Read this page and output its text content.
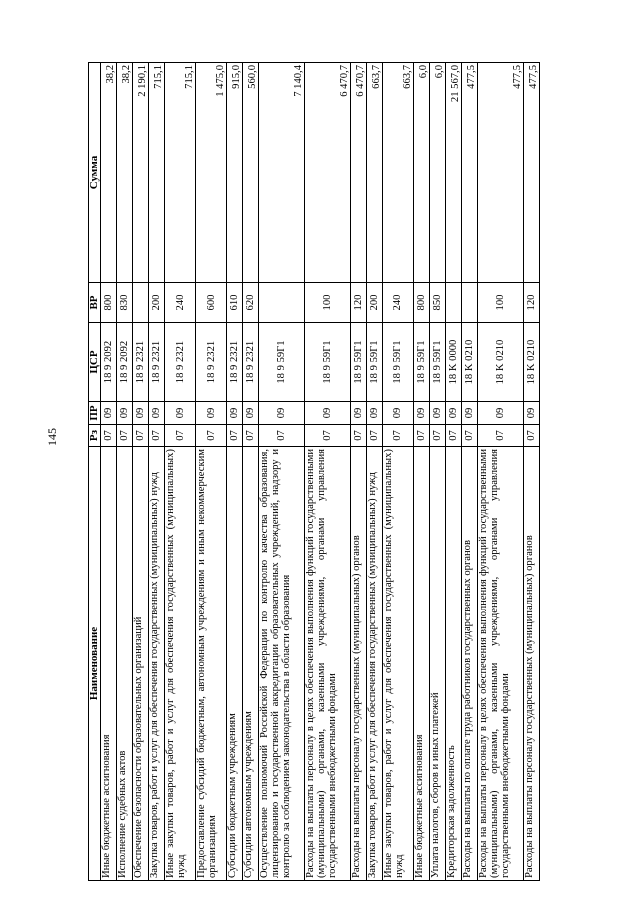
145
Наименование	Рз	ПР	ЦСР	ВР	Сумма
Иные бюджетные ассигнования	07	09	18 9 2092	800	38,2
Исполнение судебных актов	07	09	18 9 2092	830	38,2
Обеспечение безопасности образовательных организаций	07	09	18 9 2321		2 190,1
Закупка товаров, работ и услуг для обеспечения государственных (муниципальных) нужд	07	09	18 9 2321	200	715,1
Иные закупки товаров, работ и услуг для обеспечения государственных (муниципальных) нужд	07	09	18 9 2321	240	715,1
Предоставление субсидий бюджетным, автономным учреждениям и иным некоммерческим организациям	07	09	18 9 2321	600	1 475,0
Субсидии бюджетным учреждениям	07	09	18 9 2321	610	915,0
Субсидии автономным учреждениям	07	09	18 9 2321	620	560,0
Осуществление полномочий Российской Федерации по контролю качества образования, лицензированию и государственной аккредитации образовательных учреждений, надзору и контролю за соблюдением законодательства в области образования	07	09	18 9 59Г1		7 140,4
Расходы на выплаты персоналу в целях обеспечения выполнения функций государственными (муниципальными) органами, казенными учреждениями, органами управления государственными внебюджетными фондами	07	09	18 9 59Г1	100	6 470,7
Расходы на выплаты персоналу государственных (муниципальных) органов	07	09	18 9 59Г1	120	6 470,7
Закупка товаров, работ и услуг для обеспечения государственных (муниципальных) нужд	07	09	18 9 59Г1	200	663,7
Иные закупки товаров, работ и услуг для обеспечения государственных (муниципальных) нужд	07	09	18 9 59Г1	240	663,7
Иные бюджетные ассигнования	07	09	18 9 59Г1	800	6,0
Уплата налогов, сборов и иных платежей	07	09	18 9 59Г1	850	6,0
Кредиторская задолженность	07	09	18 K 0000		21 567,0
Расходы на выплаты по оплате труда работников государственных органов	07	09	18 K 0210		477,5
Расходы на выплаты персоналу в целях обеспечения выполнения функций государственными (муниципальными) органами, казенными учреждениями, органами управления государственными внебюджетными фондами	07	09	18 K 0210	100	477,5
Расходы на выплаты персоналу государственных (муниципальных) органов	07	09	18 K 0210	120	477,5
